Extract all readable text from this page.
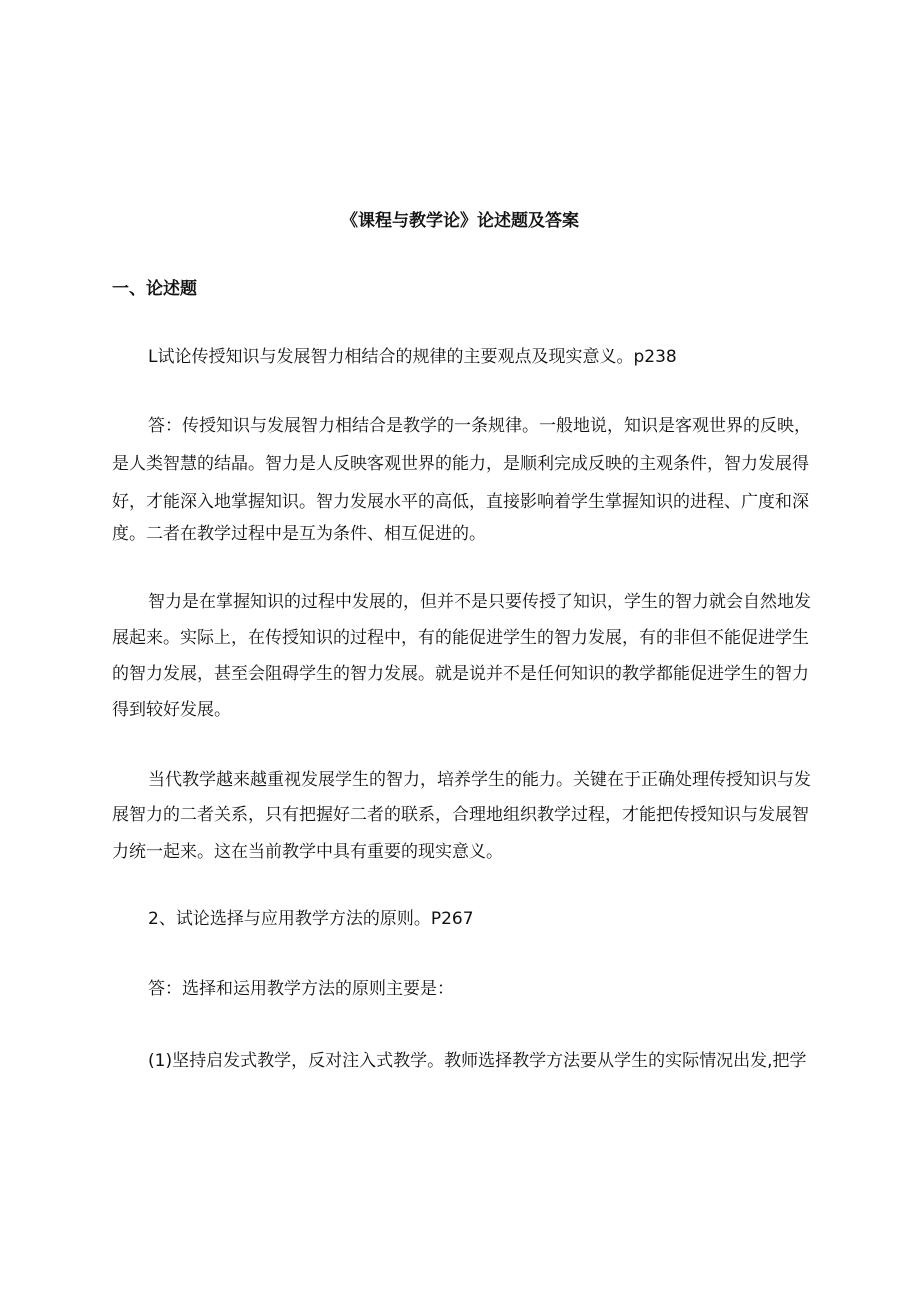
《课程与教学论》论述题及答案
一、论述题
L试论传授知识与发展智力相结合的规律的主要观点及现实意义。p238
答：传授知识与发展智力相结合是教学的一条规律。一般地说，知识是客观世界的反映，
是人类智慧的结晶。智力是人反映客观世界的能力，是顺利完成反映的主观条件，智力发展得
好，才能深入地掌握知识。智力发展水平的高低，直接影响着学生掌握知识的进程、广度和深
度。二者在教学过程中是互为条件、相互促进的。
智力是在掌握知识的过程中发展的，但并不是只要传授了知识，学生的智力就会自然地发
展起来。实际上，在传授知识的过程中，有的能促进学生的智力发展，有的非但不能促进学生
的智力发展，甚至会阻碍学生的智力发展。就是说并不是任何知识的教学都能促进学生的智力
得到较好发展。
当代教学越来越重视发展学生的智力，培养学生的能力。关键在于正确处理传授知识与发
展智力的二者关系，只有把握好二者的联系，合理地组织教学过程，才能把传授知识与发展智
力统一起来。这在当前教学中具有重要的现实意义。
2、试论选择与应用教学方法的原则。P267
答：选择和运用教学方法的原则主要是：
(1)坚持启发式教学，反对注入式教学。教师选择教学方法要从学生的实际情况出发,把学
